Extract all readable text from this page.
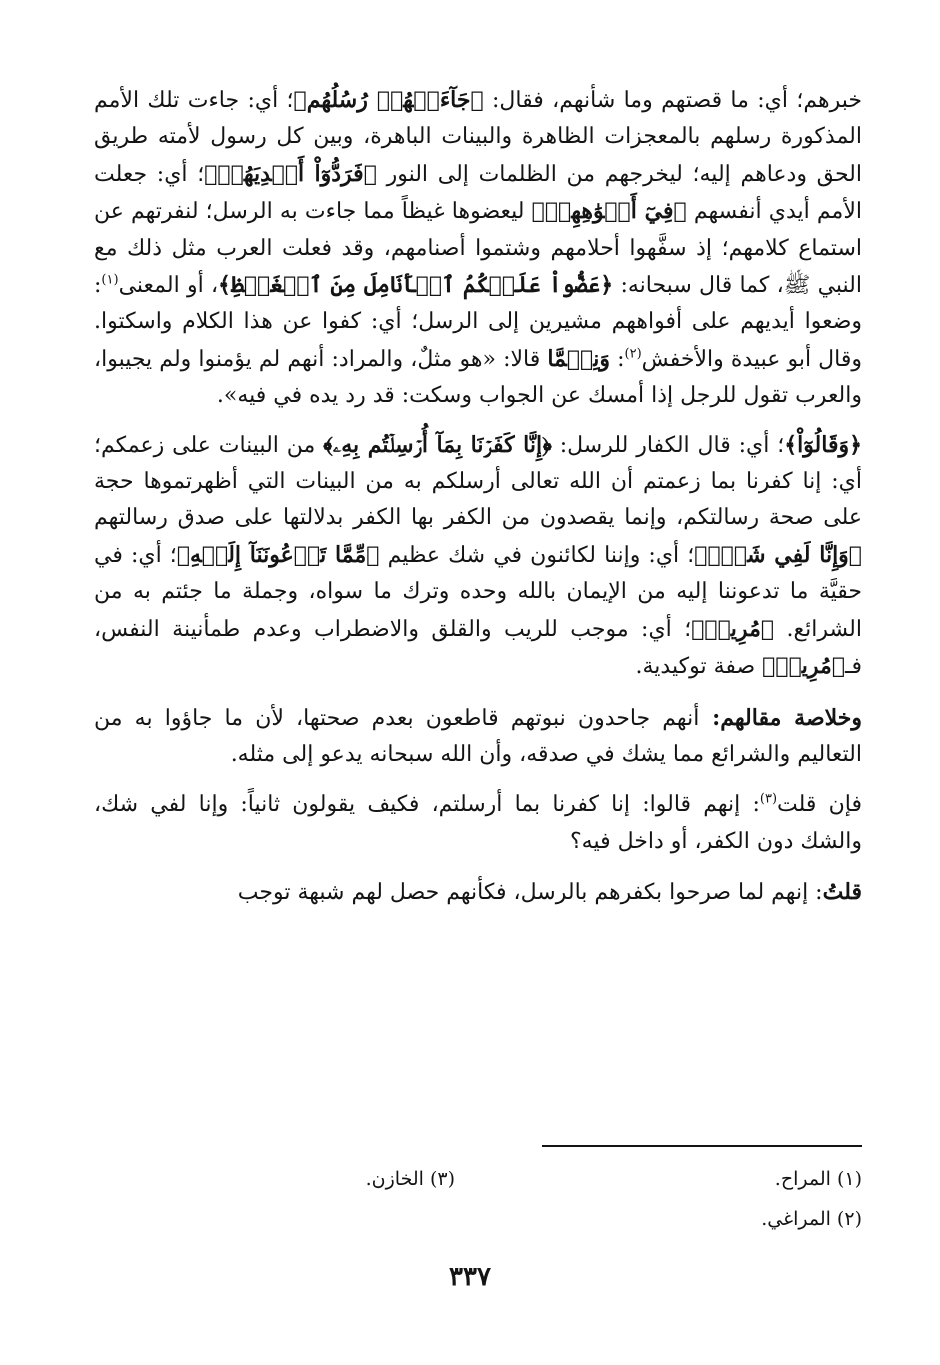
خبرهم؛ أي: ما قصتهم وما شأنهم، فقال: ﴿جَآءَتۡهُمۡ رُسُلُهُم﴾؛ أي: جاءت تلك الأمم المذكورة رسلهم بالمعجزات الظاهرة والبينات الباهرة، وبين كل رسول لأمته طريق الحق ودعاهم إليه؛ ليخرجهم من الظلمات إلى النور ﴿فَرَدُّوٓاْ أَيۡدِيَهُمۡ﴾؛ أي: جعلت الأمم أيدي أنفسهم ﴿فِيٓ أَفۡوَٰهِهِمۡ﴾ ليعضوها غيظاً مما جاءت به الرسل؛ لنفرتهم عن استماع كلامهم؛ إذ سفَّهوا أحلامهم وشتموا أصنامهم، وقد فعلت العرب مثل ذلك مع النبي ﷺ، كما قال سبحانه: ﴿عَضُّواْ عَلَيۡكُمُ ٱلۡأَنَامِلَ مِنَ ٱلۡغَيۡظِ﴾، أو المعنى$^{(١)}$: وضعوا أيديهم على أفواههم مشيرين إلى الرسل؛ أي: كفوا عن هذا الكلام واسكتوا. وقال أبو عبيدة والأخفش$^{(٢)}$: وَنِعۡمَّا قالا: «هو مثلٌ، والمراد: أنهم لم يؤمنوا ولم يجيبوا، والعرب تقول للرجل إذا أمسك عن الجواب وسكت: قد رد يده في فيه».

﴿وَقَالُوٓاْ﴾؛ أي: قال الكفار للرسل: ﴿إِنَّا كَفَرۡنَا بِمَآ أُرۡسِلۡتُم بِهِۦ﴾ من البينات على زعمكم؛ أي: إنا كفرنا بما زعمتم أن الله تعالى أرسلكم به من البينات التي أظهرتموها حجة على صحة رسالتكم، وإنما يقصدون من الكفر بها الكفر بدلالتها على صدق رسالتهم ﴿وَإِنَّا لَفِي شَكّٖ﴾؛ أي: وإننا لكائنون في شك عظيم ﴿مِّمَّا تَدۡعُونَنَآ إِلَيۡهِ﴾؛ أي: في حقيَّة ما تدعوننا إليه من الإيمان بالله وحده وترك ما سواه، وجملة ما جئتم به من الشرائع. ﴿مُرِيبٖ﴾؛ أي: موجب للريب والقلق والاضطراب وعدم طمأنينة النفس، فـ﴿مُرِيبٖ﴾ صفة توكيدية.

وخلاصة مقالهم: أنهم جاحدون نبوتهم قاطعون بعدم صحتها، لأن ما جاؤوا به من التعاليم والشرائع مما يشك في صدقه، وأن الله سبحانه يدعو إلى مثله.

فإن قلت$^{(٣)}$: إنهم قالوا: إنا كفرنا بما أرسلتم، فكيف يقولون ثانياً: وإنا لفي شك، والشك دون الكفر، أو داخل فيه؟

قلتُ: إنهم لما صرحوا بكفرهم بالرسل، فكأنهم حصل لهم شبهة توجب

(١) المراح.
(٢) المراغي.
(٣) الخازن.
٣٣٧
